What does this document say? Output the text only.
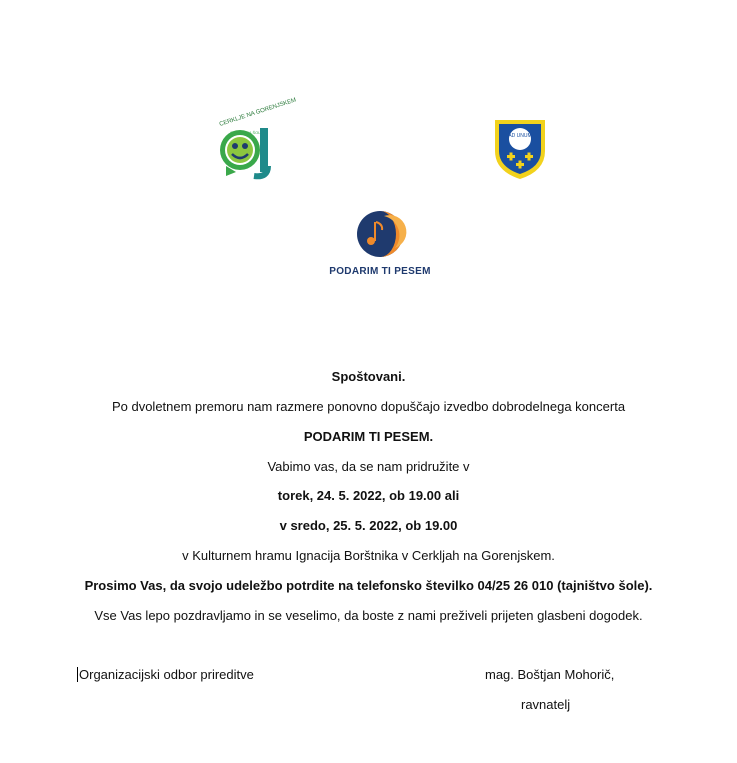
CERKLJE NA GORENJSKEM
ŠOLA
AD UNUM
PODARIM TI PESEM
Spoštovani.
Po dvoletnem premoru nam razmere ponovno dopuščajo izvedbo dobrodelnega koncerta
PODARIM TI PESEM.
Vabimo vas, da se nam pridružite v
torek, 24. 5. 2022, ob 19.00 ali
v sredo, 25. 5. 2022, ob 19.00
v Kulturnem hramu Ignacija Borštnika v Cerkljah na Gorenjskem.
Prosimo Vas, da svojo udeležbo potrdite na telefonsko številko 04/25 26 010 (tajništvo šole).
Vse Vas lepo pozdravljamo in se veselimo, da boste z nami preživeli prijeten glasbeni dogodek.
Organizacijski odbor prireditve	mag. Boštjan Mohorič,
ravnatelj
